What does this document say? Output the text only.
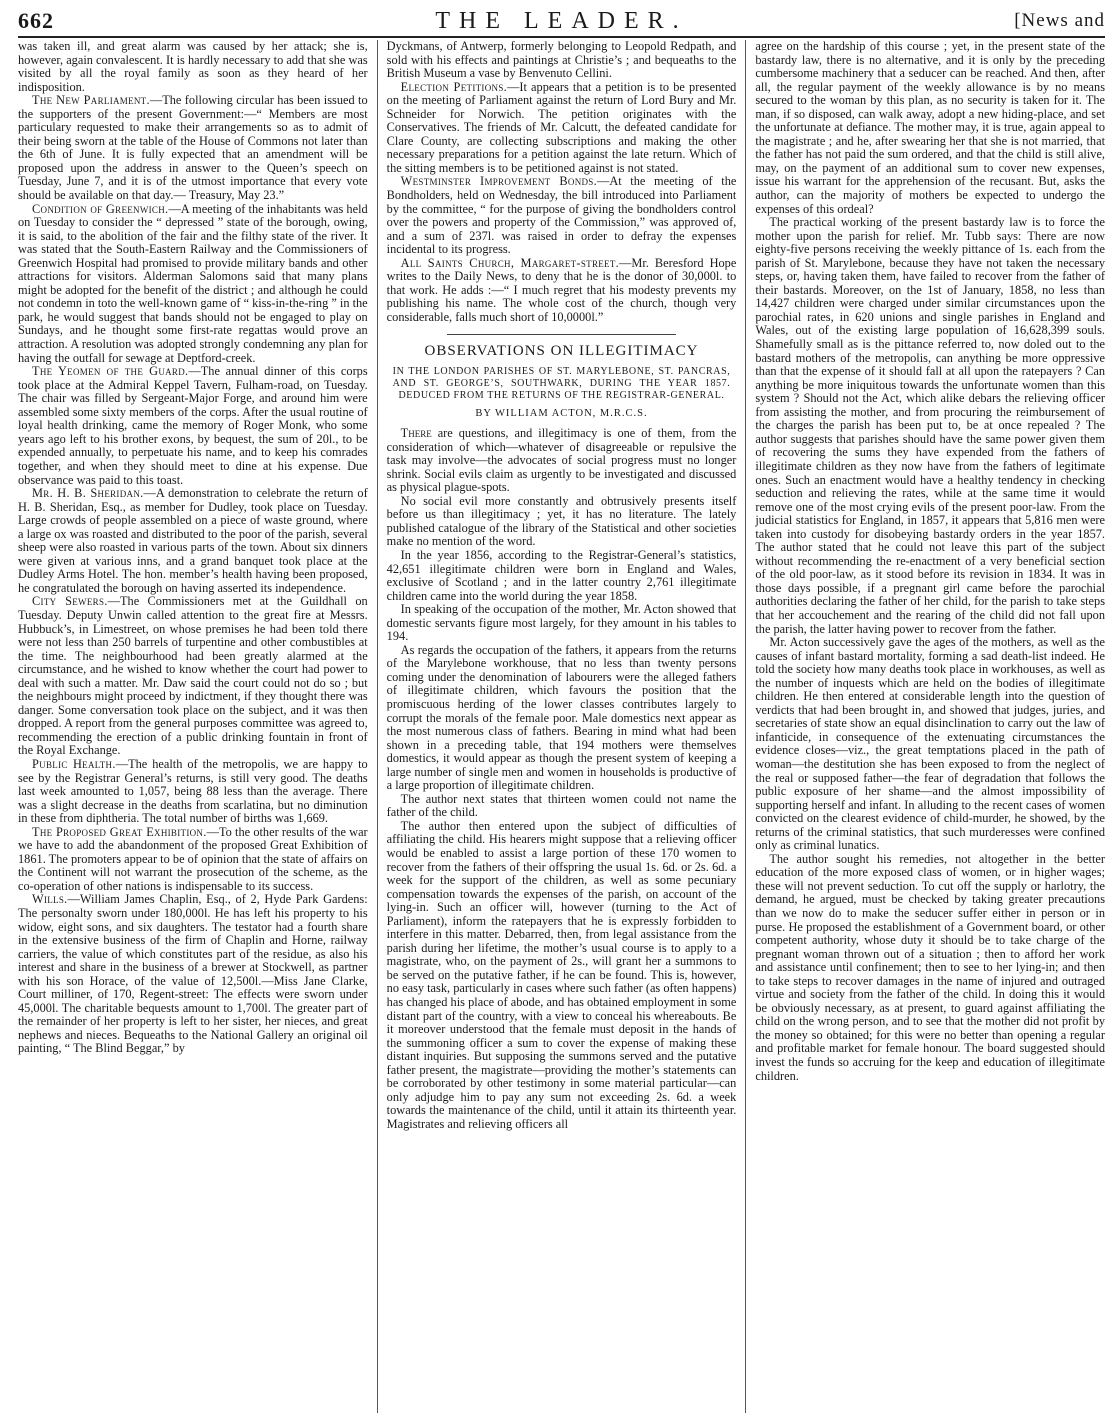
662	THE LEADER.	[News and

was taken ill, and great alarm was caused by her attack; she is, however, again convalescent. It is hardly necessary to add that she was visited by all the royal family as soon as they heard of her indisposition.

The New Parliament.—The following circular has been issued to the supporters of the present Government:—“ Members are most particulary requested to make their arrangements so as to admit of their being sworn at the table of the House of Commons not later than the 6th of June. It is fully expected that an amendment will be proposed upon the address in answer to the Queen’s speech on Tuesday, June 7, and it is of the utmost importance that every vote should be available on that day.— Treasury, May 23.”

Condition of Greenwich.—A meeting of the inhabitants was held on Tuesday to consider the “ depressed ” state of the borough, owing, it is said, to the abolition of the fair and the filthy state of the river. It was stated that the South-Eastern Railway and the Commissioners of Greenwich Hospital had promised to provide military bands and other attractions for visitors. Alderman Salomons said that many plans might be adopted for the benefit of the district ; and although he could not condemn in toto the well-known game of “ kiss-in-the-ring ” in the park, he would suggest that bands should not be engaged to play on Sundays, and he thought some first-rate regattas would prove an attraction. A resolution was adopted strongly condemning any plan for having the outfall for sewage at Deptford-creek.

The Yeomen of the Guard.—The annual dinner of this corps took place at the Admiral Keppel Tavern, Fulham-road, on Tuesday. The chair was filled by Sergeant-Major Forge, and around him were assembled some sixty members of the corps. After the usual routine of loyal health drinking, came the memory of Roger Monk, who some years ago left to his brother exons, by bequest, the sum of 20l., to be expended annually, to perpetuate his name, and to keep his comrades together, and when they should meet to dine at his expense. Due observance was paid to this toast.

Mr. H. B. Sheridan.—A demonstration to celebrate the return of H. B. Sheridan, Esq., as member for Dudley, took place on Tuesday. Large crowds of people assembled on a piece of waste ground, where a large ox was roasted and distributed to the poor of the parish, several sheep were also roasted in various parts of the town. About six dinners were given at various inns, and a grand banquet took place at the Dudley Arms Hotel. The hon. member’s health having been proposed, he congratulated the borough on having asserted its independence.

City Sewers.—The Commissioners met at the Guildhall on Tuesday. Deputy Unwin called attention to the great fire at Messrs. Hubbuck’s, in Limestreet, on whose premises he had been told there were not less than 250 barrels of turpentine and other combustibles at the time. The neighbourhood had been greatly alarmed at the circumstance, and he wished to know whether the court had power to deal with such a matter. Mr. Daw said the court could not do so ; but the neighbours might proceed by indictment, if they thought there was danger. Some conversation took place on the subject, and it was then dropped. A report from the general purposes committee was agreed to, recommending the erection of a public drinking fountain in front of the Royal Exchange.

Public Health.—The health of the metropolis, we are happy to see by the Registrar General’s returns, is still very good. The deaths last week amounted to 1,057, being 88 less than the average. There was a slight decrease in the deaths from scarlatina, but no diminution in these from diphtheria. The total number of births was 1,669.

The Proposed Great Exhibition.—To the other results of the war we have to add the abandonment of the proposed Great Exhibition of 1861. The promoters appear to be of opinion that the state of affairs on the Continent will not warrant the prosecution of the scheme, as the co-operation of other nations is indispensable to its success.

Wills.—William James Chaplin, Esq., of 2, Hyde Park Gardens: The personalty sworn under 180,000l. He has left his property to his widow, eight sons, and six daughters. The testator had a fourth share in the extensive business of the firm of Chaplin and Horne, railway carriers, the value of which constitutes part of the residue, as also his interest and share in the business of a brewer at Stockwell, as partner with his son Horace, of the value of 12,500l.—Miss Jane Clarke, Court milliner, of 170, Regent-street: The effects were sworn under 45,000l. The charitable bequests amount to 1,700l. The greater part of the remainder of her property is left to her sister, her nieces, and great nephews and nieces. Bequeaths to the National Gallery an original oil painting, “ The Blind Beggar,” by

Dyckmans, of Antwerp, formerly belonging to Leopold Redpath, and sold with his effects and paintings at Christie’s ; and bequeaths to the British Museum a vase by Benvenuto Cellini.

Election Petitions.—It appears that a petition is to be presented on the meeting of Parliament against the return of Lord Bury and Mr. Schneider for Norwich. The petition originates with the Conservatives. The friends of Mr. Calcutt, the defeated candidate for Clare County, are collecting subscriptions and making the other necessary preparations for a petition against the late return. Which of the sitting members is to be petitioned against is not stated.

Westminster Improvement Bonds.—At the meeting of the Bondholders, held on Wednesday, the bill introduced into Parliament by the committee, “ for the purpose of giving the bondholders control over the powers and property of the Commission,” was approved of, and a sum of 237l. was raised in order to defray the expenses incidental to its progress.

All Saints Church, Margaret-street.—Mr. Beresford Hope writes to the Daily News, to deny that he is the donor of 30,000l. to that work. He adds :—“ I much regret that his modesty prevents my publishing his name. The whole cost of the church, though very considerable, falls much short of 10,0000l.”

OBSERVATIONS ON ILLEGITIMACY
IN THE LONDON PARISHES OF ST. MARYLEBONE, ST. PANCRAS, AND ST. GEORGE’S, SOUTHWARK, DURING THE YEAR 1857. DEDUCED FROM THE RETURNS OF THE REGISTRAR-GENERAL.
BY WILLIAM ACTON, M.R.C.S.

There are questions, and illegitimacy is one of them, from the consideration of which—whatever of disagreeable or repulsive the task may involve—the advocates of social progress must no longer shrink. Social evils claim as urgently to be investigated and discussed as physical plague-spots.

No social evil more constantly and obtrusively presents itself before us than illegitimacy ; yet, it has no literature. The lately published catalogue of the library of the Statistical and other societies make no mention of the word.

In the year 1856, according to the Registrar-General’s statistics, 42,651 illegitimate children were born in England and Wales, exclusive of Scotland ; and in the latter country 2,761 illegitimate children came into the world during the year 1858.

In speaking of the occupation of the mother, Mr. Acton showed that domestic servants figure most largely, for they amount in his tables to 194.

As regards the occupation of the fathers, it appears from the returns of the Marylebone workhouse, that no less than twenty persons coming under the denomination of labourers were the alleged fathers of illegitimate children, which favours the position that the promiscuous herding of the lower classes contributes largely to corrupt the morals of the female poor. Male domestics next appear as the most numerous class of fathers. Bearing in mind what had been shown in a preceding table, that 194 mothers were themselves domestics, it would appear as though the present system of keeping a large number of single men and women in households is productive of a large proportion of illegitimate children.

The author next states that thirteen women could not name the father of the child.

The author then entered upon the subject of difficulties of affiliating the child. His hearers might suppose that a relieving officer would be enabled to assist a large portion of these 170 women to recover from the fathers of their offspring the usual 1s. 6d. or 2s. 6d. a week for the support of the children, as well as some pecuniary compensation towards the expenses of the parish, on account of the lying-in. Such an officer will, however (turning to the Act of Parliament), inform the ratepayers that he is expressly forbidden to interfere in this matter. Debarred, then, from legal assistance from the parish during her lifetime, the mother’s usual course is to apply to a magistrate, who, on the payment of 2s., will grant her a summons to be served on the putative father, if he can be found. This is, however, no easy task, particularly in cases where such father (as often happens) has changed his place of abode, and has obtained employment in some distant part of the country, with a view to conceal his whereabouts. Be it moreover understood that the female must deposit in the hands of the summoning officer a sum to cover the expense of making these distant inquiries. But supposing the summons served and the putative father present, the magistrate—providing the mother’s statements can be corroborated by other testimony in some material particular—can only adjudge him to pay any sum not exceeding 2s. 6d. a week towards the maintenance of the child, until it attain its thirteenth year. Magistrates and relieving officers all

agree on the hardship of this course ; yet, in the present state of the bastardy law, there is no alternative, and it is only by the preceding cumbersome machinery that a seducer can be reached. And then, after all, the regular payment of the weekly allowance is by no means secured to the woman by this plan, as no security is taken for it. The man, if so disposed, can walk away, adopt a new hiding-place, and set the unfortunate at defiance. The mother may, it is true, again appeal to the magistrate ; and he, after swearing her that she is not married, that the father has not paid the sum ordered, and that the child is still alive, may, on the payment of an additional sum to cover new expenses, issue his warrant for the apprehension of the recusant. But, asks the author, can the majority of mothers be expected to undergo the expenses of this ordeal?

The practical working of the present bastardy law is to force the mother upon the parish for relief. Mr. Tubb says: There are now eighty-five persons receiving the weekly pittance of 1s. each from the parish of St. Marylebone, because they have not taken the necessary steps, or, having taken them, have failed to recover from the father of their bastards. Moreover, on the 1st of January, 1858, no less than 14,427 children were charged under similar circumstances upon the parochial rates, in 620 unions and single parishes in England and Wales, out of the existing large population of 16,628,399 souls. Shamefully small as is the pittance referred to, now doled out to the bastard mothers of the metropolis, can anything be more oppressive than that the expense of it should fall at all upon the ratepayers ? Can anything be more iniquitous towards the unfortunate women than this system ? Should not the Act, which alike debars the relieving officer from assisting the mother, and from procuring the reimbursement of the charges the parish has been put to, be at once repealed ? The author suggests that parishes should have the same power given them of recovering the sums they have expended from the fathers of illegitimate children as they now have from the fathers of legitimate ones. Such an enactment would have a healthy tendency in checking seduction and relieving the rates, while at the same time it would remove one of the most crying evils of the present poor-law. From the judicial statistics for England, in 1857, it appears that 5,816 men were taken into custody for disobeying bastardy orders in the year 1857. The author stated that he could not leave this part of the subject without recommending the re-enactment of a very beneficial section of the old poor-law, as it stood before its revision in 1834. It was in those days possible, if a pregnant girl came before the parochial authorities declaring the father of her child, for the parish to take steps that her accouchement and the rearing of the child did not fall upon the parish, the latter having power to recover from the father.

Mr. Acton successively gave the ages of the mothers, as well as the causes of infant bastard mortality, forming a sad death-list indeed. He told the society how many deaths took place in workhouses, as well as the number of inquests which are held on the bodies of illegitimate children. He then entered at considerable length into the question of verdicts that had been brought in, and showed that judges, juries, and secretaries of state show an equal disinclination to carry out the law of infanticide, in consequence of the extenuating circumstances the evidence closes—viz., the great temptations placed in the path of woman—the destitution she has been exposed to from the neglect of the real or supposed father—the fear of degradation that follows the public exposure of her shame—and the almost impossibility of supporting herself and infant. In alluding to the recent cases of women convicted on the clearest evidence of child-murder, he showed, by the returns of the criminal statistics, that such murderesses were confined only as criminal lunatics.

The author sought his remedies, not altogether in the better education of the more exposed class of women, or in higher wages; these will not prevent seduction. To cut off the supply or harlotry, the demand, he argued, must be checked by taking greater precautions than we now do to make the seducer suffer either in person or in purse. He proposed the establishment of a Government board, or other competent authority, whose duty it should be to take charge of the pregnant woman thrown out of a situation ; then to afford her work and assistance until confinement; then to see to her lying-in; and then to take steps to recover damages in the name of injured and outraged virtue and society from the father of the child. In doing this it would be obviously necessary, as at present, to guard against affiliating the child on the wrong person, and to see that the mother did not profit by the money so obtained; for this were no better than opening a regular and profitable market for female honour. The board suggested should invest the funds so accruing for the keep and education of illegitimate children.
